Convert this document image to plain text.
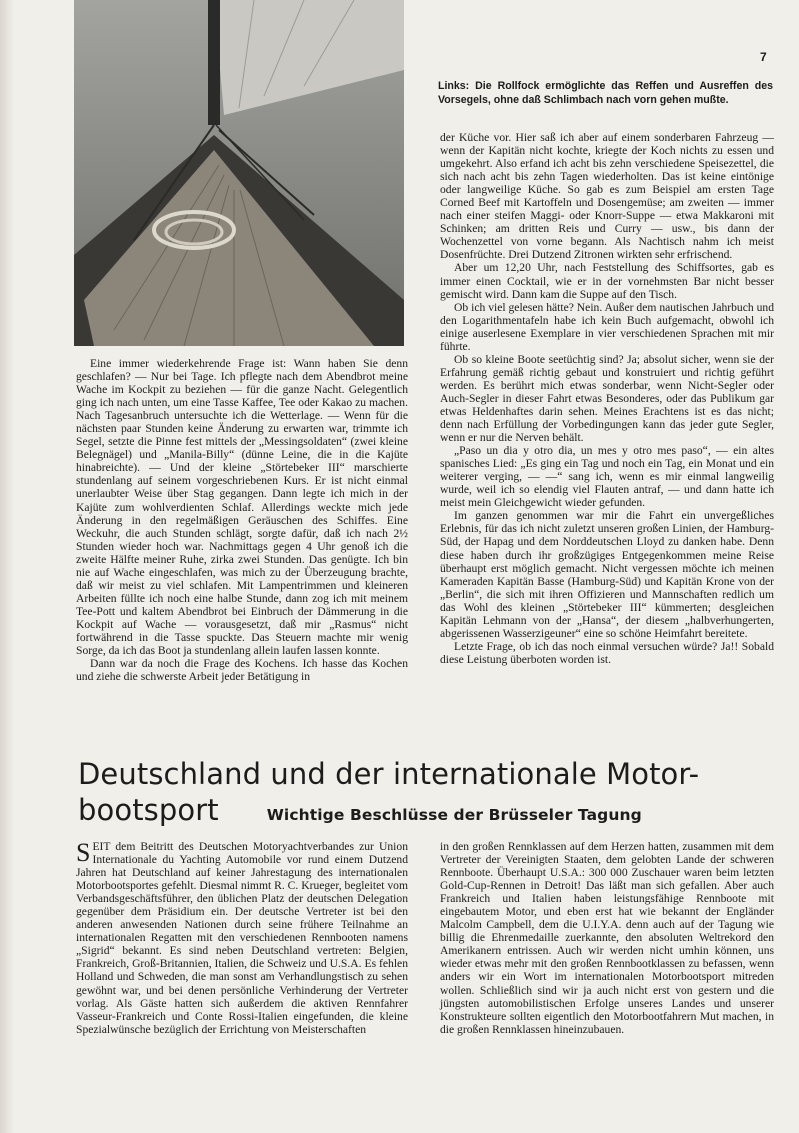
7
Links: Die Rollfock ermöglichte das Reffen und Ausreffen des Vorsegels, ohne daß Schlimbach nach vorn gehen mußte.

Eine immer wiederkehrende Frage ist: Wann haben Sie denn geschlafen? — Nur bei Tage. Ich pflegte nach dem Abendbrot meine Wache im Kockpit zu beziehen — für die ganze Nacht. Gelegentlich ging ich nach unten, um eine Tasse Kaffee, Tee oder Kakao zu machen. Nach Tagesanbruch untersuchte ich die Wetterlage. — Wenn für die nächsten paar Stunden keine Änderung zu erwarten war, trimmte ich Segel, setzte die Pinne fest mittels der „Messingsoldaten“ (zwei kleine Belegnägel) und „Manila-Billy“ (dünne Leine, die in die Kajüte hinabreichte). — Und der kleine „Störtebeker III“ marschierte stundenlang auf seinem vorgeschriebenen Kurs. Er ist nicht einmal unerlaubter Weise über Stag gegangen. Dann legte ich mich in der Kajüte zum wohlverdienten Schlaf. Allerdings weckte mich jede Änderung in den regelmäßigen Geräuschen des Schiffes. Eine Weckuhr, die auch Stunden schlägt, sorgte dafür, daß ich nach 2½ Stunden wieder hoch war. Nachmittags gegen 4 Uhr genoß ich die zweite Hälfte meiner Ruhe, zirka zwei Stunden. Das genügte. Ich bin nie auf Wache eingeschlafen, was mich zu der Überzeugung brachte, daß wir meist zu viel schlafen. Mit Lampentrimmen und kleineren Arbeiten füllte ich noch eine halbe Stunde, dann zog ich mit meinem Tee-Pott und kaltem Abendbrot bei Einbruch der Dämmerung in die Kockpit auf Wache — vorausgesetzt, daß mir „Rasmus“ nicht fortwährend in die Tasse spuckte. Das Steuern machte mir wenig Sorge, da ich das Boot ja stundenlang allein laufen lassen konnte.

Dann war da noch die Frage des Kochens. Ich hasse das Kochen und ziehe die schwerste Arbeit jeder Betätigung in

der Küche vor. Hier saß ich aber auf einem sonderbaren Fahrzeug — wenn der Kapitän nicht kochte, kriegte der Koch nichts zu essen und umgekehrt. Also erfand ich acht bis zehn verschiedene Speisezettel, die sich nach acht bis zehn Tagen wiederholten. Das ist keine eintönige oder langweilige Küche. So gab es zum Beispiel am ersten Tage Corned Beef mit Kartoffeln und Dosengemüse; am zweiten — immer nach einer steifen Maggi- oder Knorr-Suppe — etwa Makkaroni mit Schinken; am dritten Reis und Curry — usw., bis dann der Wochenzettel von vorne begann. Als Nachtisch nahm ich meist Dosenfrüchte. Drei Dutzend Zitronen wirkten sehr erfrischend.

Aber um 12,20 Uhr, nach Feststellung des Schiffsortes, gab es immer einen Cocktail, wie er in der vornehmsten Bar nicht besser gemischt wird. Dann kam die Suppe auf den Tisch.

Ob ich viel gelesen hätte? Nein. Außer dem nautischen Jahrbuch und den Logarithmentafeln habe ich kein Buch aufgemacht, obwohl ich einige auserlesene Exemplare in vier verschiedenen Sprachen mit mir führte.

Ob so kleine Boote seetüchtig sind? Ja; absolut sicher, wenn sie der Erfahrung gemäß richtig gebaut und konstruiert und richtig geführt werden. Es berührt mich etwas sonderbar, wenn Nicht-Segler oder Auch-Segler in dieser Fahrt etwas Besonderes, oder das Publikum gar etwas Heldenhaftes darin sehen. Meines Erachtens ist es das nicht; denn nach Erfüllung der Vorbedingungen kann das jeder gute Segler, wenn er nur die Nerven behält.

„Paso un dia y otro dia, un mes y otro mes paso“, — ein altes spanisches Lied: „Es ging ein Tag und noch ein Tag, ein Monat und ein weiterer verging, — —“ sang ich, wenn es mir einmal langweilig wurde, weil ich so elendig viel Flauten antraf, — und dann hatte ich meist mein Gleichgewicht wieder gefunden.

Im ganzen genommen war mir die Fahrt ein unvergeßliches Erlebnis, für das ich nicht zuletzt unseren großen Linien, der Hamburg-Süd, der Hapag und dem Norddeutschen Lloyd zu danken habe. Denn diese haben durch ihr großzügiges Entgegenkommen meine Reise überhaupt erst möglich gemacht. Nicht vergessen möchte ich meinen Kameraden Kapitän Basse (Hamburg-Süd) und Kapitän Krone von der „Berlin“, die sich mit ihren Offizieren und Mannschaften redlich um das Wohl des kleinen „Störtebeker III“ kümmerten; desgleichen Kapitän Lehmann von der „Hansa“, der diesem „halbverhungerten, abgerissenen Wasserzigeuner“ eine so schöne Heimfahrt bereitete.

Letzte Frage, ob ich das noch einmal versuchen würde? Ja!! Sobald diese Leistung überboten worden ist.

Deutschland und der internationale Motor-
bootsport	Wichtige Beschlüsse der Brüsseler Tagung

SEIT dem Beitritt des Deutschen Motoryachtverbandes zur Union Internationale du Yachting Automobile vor rund einem Dutzend Jahren hat Deutschland auf keiner Jahrestagung des internationalen Motorbootsportes gefehlt. Diesmal nimmt R. C. Krueger, begleitet vom Verbandsgeschäftsführer, den üblichen Platz der deutschen Delegation gegenüber dem Präsidium ein. Der deutsche Vertreter ist bei den anderen anwesenden Nationen durch seine frühere Teilnahme an internationalen Regatten mit den verschiedenen Rennbooten namens „Sigrid“ bekannt. Es sind neben Deutschland vertreten: Belgien, Frankreich, Groß-Britannien, Italien, die Schweiz und U.S.A. Es fehlen Holland und Schweden, die man sonst am Verhandlungstisch zu sehen gewöhnt war, und bei denen persönliche Verhinderung der Vertreter vorlag. Als Gäste hatten sich außerdem die aktiven Rennfahrer Vasseur-Frankreich und Conte Rossi-Italien eingefunden, die kleine Spezialwünsche bezüglich der Errichtung von Meisterschaften

in den großen Rennklassen auf dem Herzen hatten, zusammen mit dem Vertreter der Vereinigten Staaten, dem gelobten Lande der schweren Rennboote. Überhaupt U.S.A.: 300 000 Zuschauer waren beim letzten Gold-Cup-Rennen in Detroit! Das läßt man sich gefallen. Aber auch Frankreich und Italien haben leistungsfähige Rennboote mit eingebautem Motor, und eben erst hat wie bekannt der Engländer Malcolm Campbell, dem die U.I.Y.A. denn auch auf der Tagung wie billig die Ehrenmedaille zuerkannte, den absoluten Weltrekord den Amerikanern entrissen. Auch wir werden nicht umhin können, uns wieder etwas mehr mit den großen Rennbootklassen zu befassen, wenn anders wir ein Wort im internationalen Motorbootsport mitreden wollen. Schließlich sind wir ja auch nicht erst von gestern und die jüngsten automobilistischen Erfolge unseres Landes und unserer Konstrukteure sollten eigentlich den Motorbootfahrern Mut machen, in die großen Rennklassen hineinzubauen.
